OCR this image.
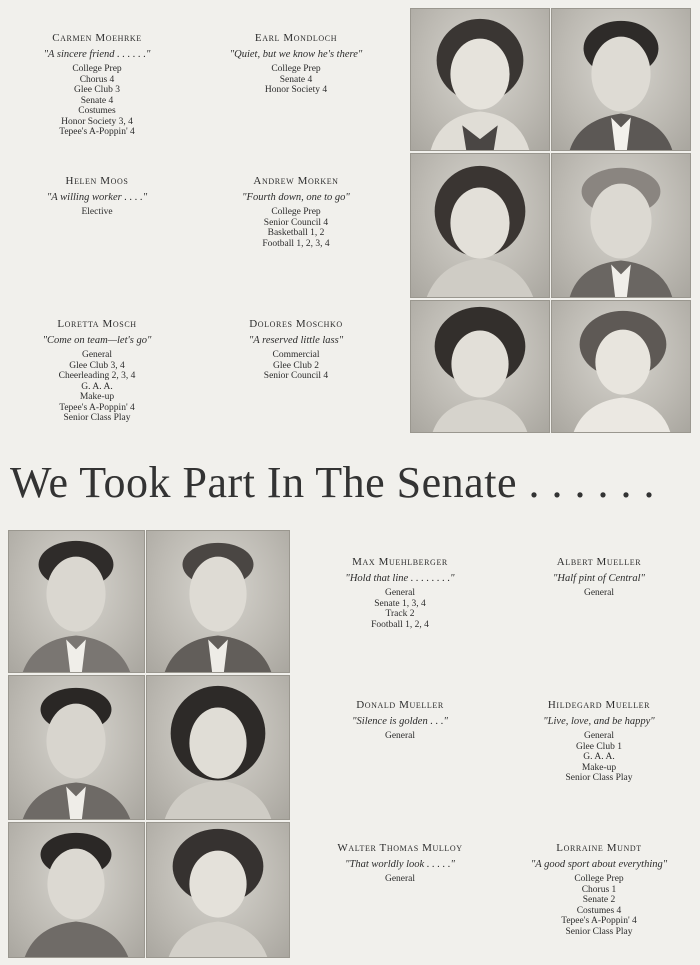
Carmen Moehrke
"A sincere friend . . . . . ."
College Prep
Chorus 4
Glee Club 3
Senate 4
Costumes
Honor Society 3, 4
Tepee's A-Poppin' 4
Earl Mondloch
"Quiet, but we know he's there"
College Prep
Senate 4
Honor Society 4
Helen Moos
"A willing worker . . . ."
Elective
Andrew Morken
"Fourth down, one to go"
College Prep
Senior Council 4
Basketball 1, 2
Football 1, 2, 3, 4
Loretta Mosch
"Come on team—let's go"
General
Glee Club 3, 4
Cheerleading 2, 3, 4
G. A. A.
Make-up
Tepee's A-Poppin' 4
Senior Class Play
Dolores Moschko
"A reserved little lass"
Commercial
Glee Club 2
Senior Council 4
We Took Part In The Senate . . . . . .
Max Muehlberger
"Hold that line . . . . . . . ."
General
Senate 1, 3, 4
Track 2
Football 1, 2, 4
Albert Mueller
"Half pint of Central"
General
Donald Mueller
"Silence is golden . . ."
General
Hildegard Mueller
"Live, love, and be happy"
General
Glee Club 1
G. A. A.
Make-up
Senior Class Play
Walter Thomas Mulloy
"That worldly look . . . . ."
General
Lorraine Mundt
"A good sport about everything"
College Prep
Chorus 1
Senate 2
Costumes 4
Tepee's A-Poppin' 4
Senior Class Play
